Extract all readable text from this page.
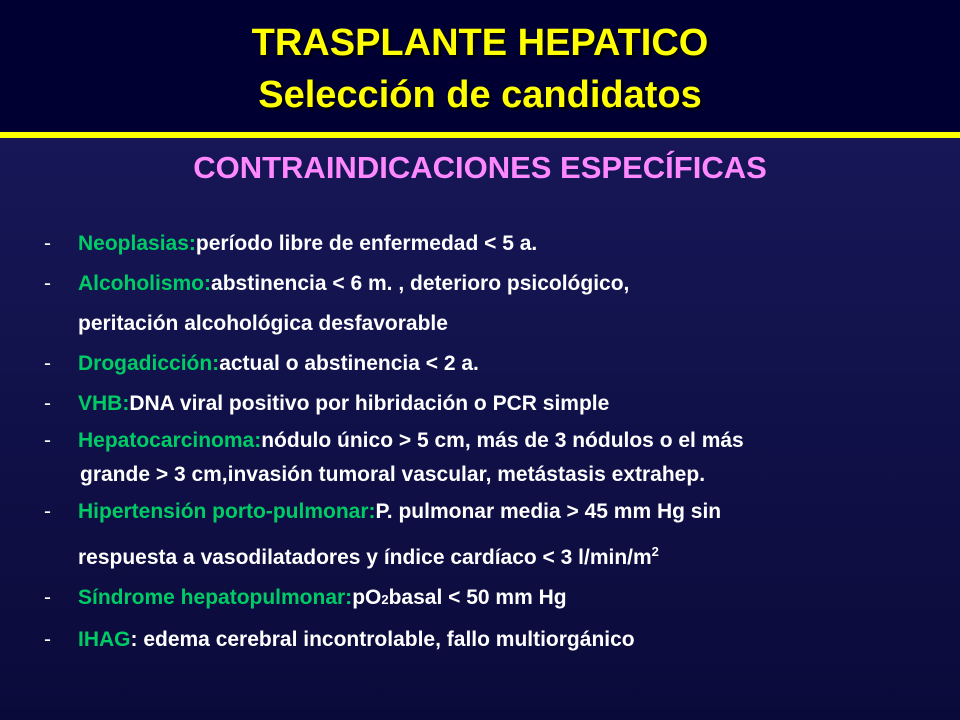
TRASPLANTE HEPATICO
Selección de candidatos
CONTRAINDICACIONES ESPECÍFICAS
-	Neoplasias: período libre de enfermedad < 5 a.
-	Alcoholismo: abstinencia < 6 m. , deterioro psicológico,
peritación alcohológica desfavorable
-	Drogadicción: actual o abstinencia < 2 a.
-	VHB: DNA viral positivo por hibridación o PCR simple
-	Hepatocarcinoma: nódulo único > 5 cm, más de 3 nódulos o el más
grande > 3 cm,invasión tumoral vascular, metástasis extrahep.
-	Hipertensión porto-pulmonar: P. pulmonar media > 45 mm Hg sin
respuesta a vasodilatadores y índice cardíaco < 3 $l/\min/m^2$
-	Síndrome hepatopulmonar: pO 2 basal < 50 mm Hg
-	IHAG : edema cerebral incontrolable, fallo multiorgánico
